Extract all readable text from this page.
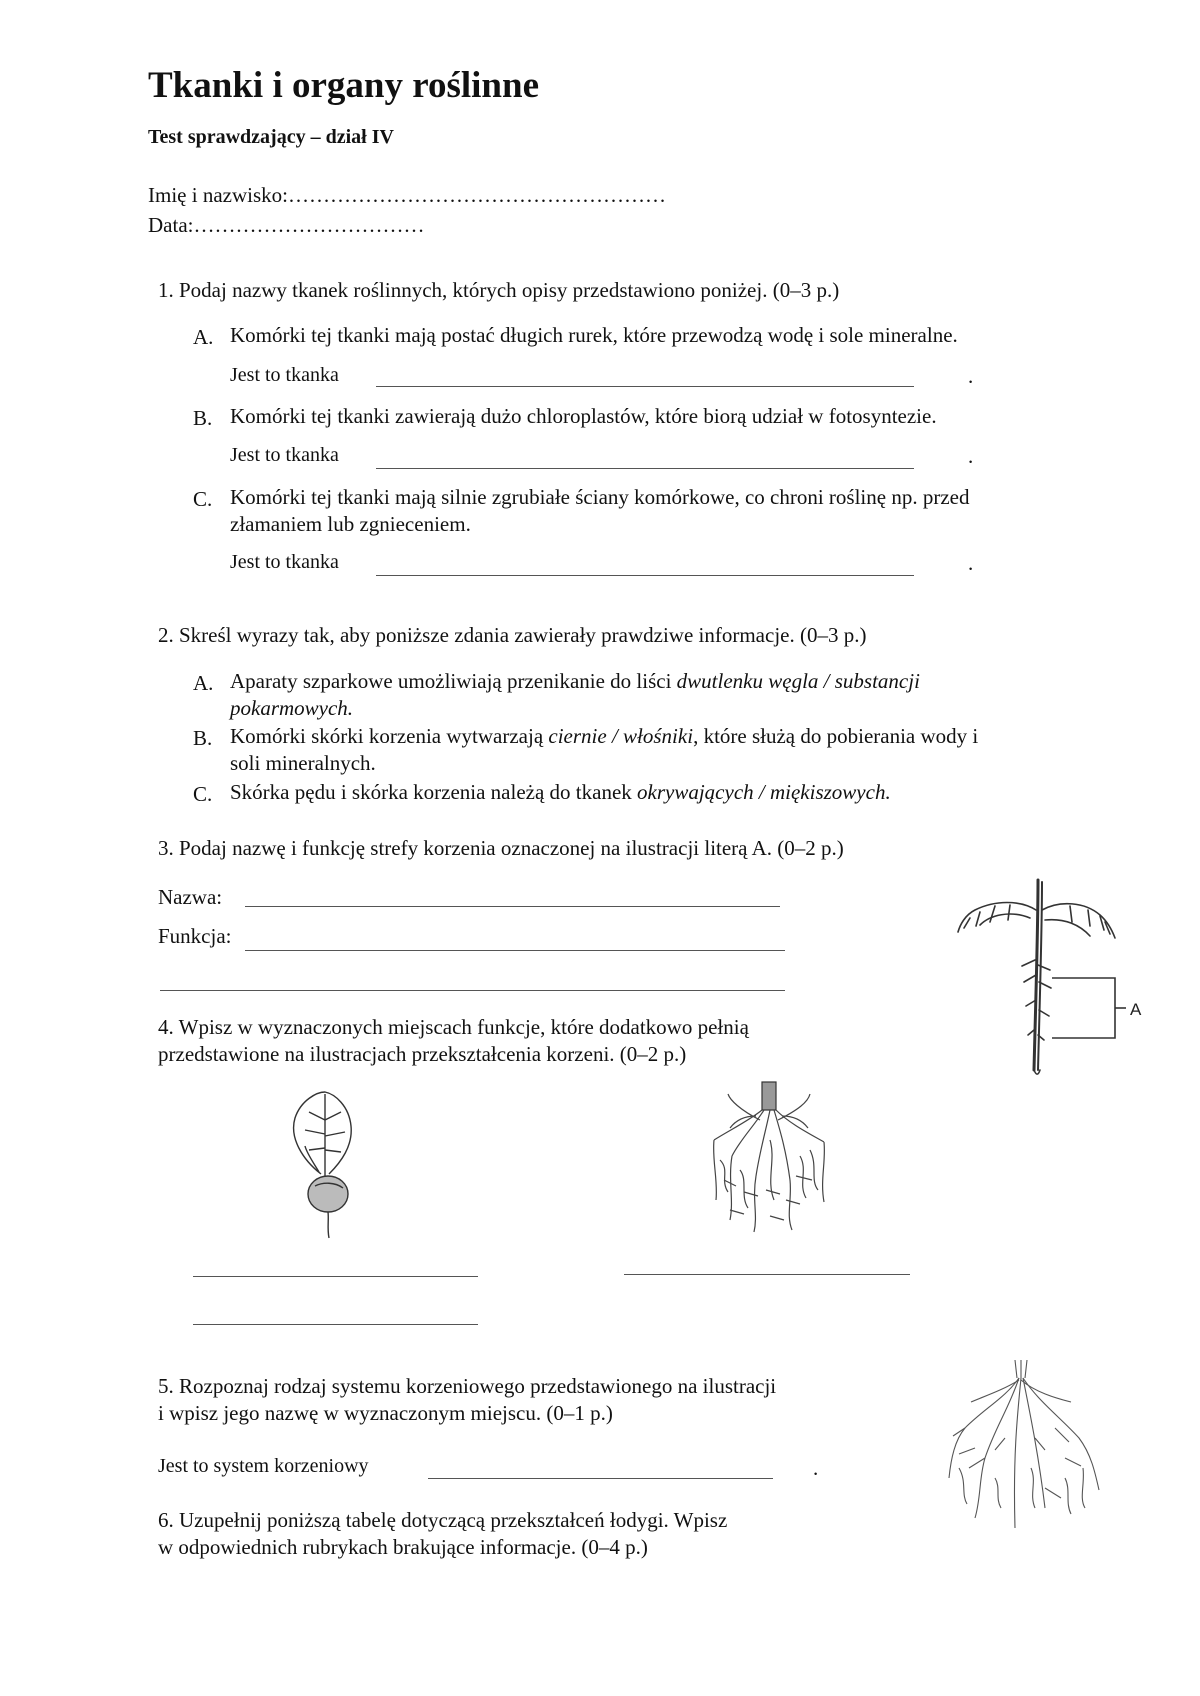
Tkanki i organy roślinne
Test sprawdzający – dział IV
Imię i nazwisko:………………………………………………
Data:……………………………
1. Podaj nazwy tkanek roślinnych, których opisy przedstawiono poniżej. (0–3 p.)
A. Komórki tej tkanki mają postać długich rurek, które przewodzą wodę i sole mineralne.
Jest to tkanka	.
B. Komórki tej tkanki zawierają dużo chloroplastów, które biorą udział w fotosyntezie.
Jest to tkanka	.
C. Komórki tej tkanki mają silnie zgrubiałe ściany komórkowe, co chroni roślinę np. przed
złamaniem lub zgnieceniem.
Jest to tkanka	.
2. Skreśl wyrazy tak, aby poniższe zdania zawierały prawdziwe informacje. (0–3 p.)
A. Aparaty szparkowe umożliwiają przenikanie do liści dwutlenku węgla / substancji
pokarmowych.
B. Komórki skórki korzenia wytwarzają ciernie / włośniki, które służą do pobierania wody i
soli mineralnych.
C. Skórka pędu i skórka korzenia należą do tkanek okrywających / miękiszowych.
3. Podaj nazwę i funkcję strefy korzenia oznaczonej na ilustracji literą A. (0–2 p.)
Nazwa:
Funkcja:
A
4. Wpisz w wyznaczonych miejscach funkcje, które dodatkowo pełnią
przedstawione na ilustracjach przekształcenia korzeni. (0–2 p.)
5. Rozpoznaj rodzaj systemu korzeniowego przedstawionego na ilustracji
i wpisz jego nazwę w wyznaczonym miejscu. (0–1 p.)
Jest to system korzeniowy	.
6. Uzupełnij poniższą tabelę dotyczącą przekształceń łodygi. Wpisz
w odpowiednich rubrykach brakujące informacje. (0–4 p.)
